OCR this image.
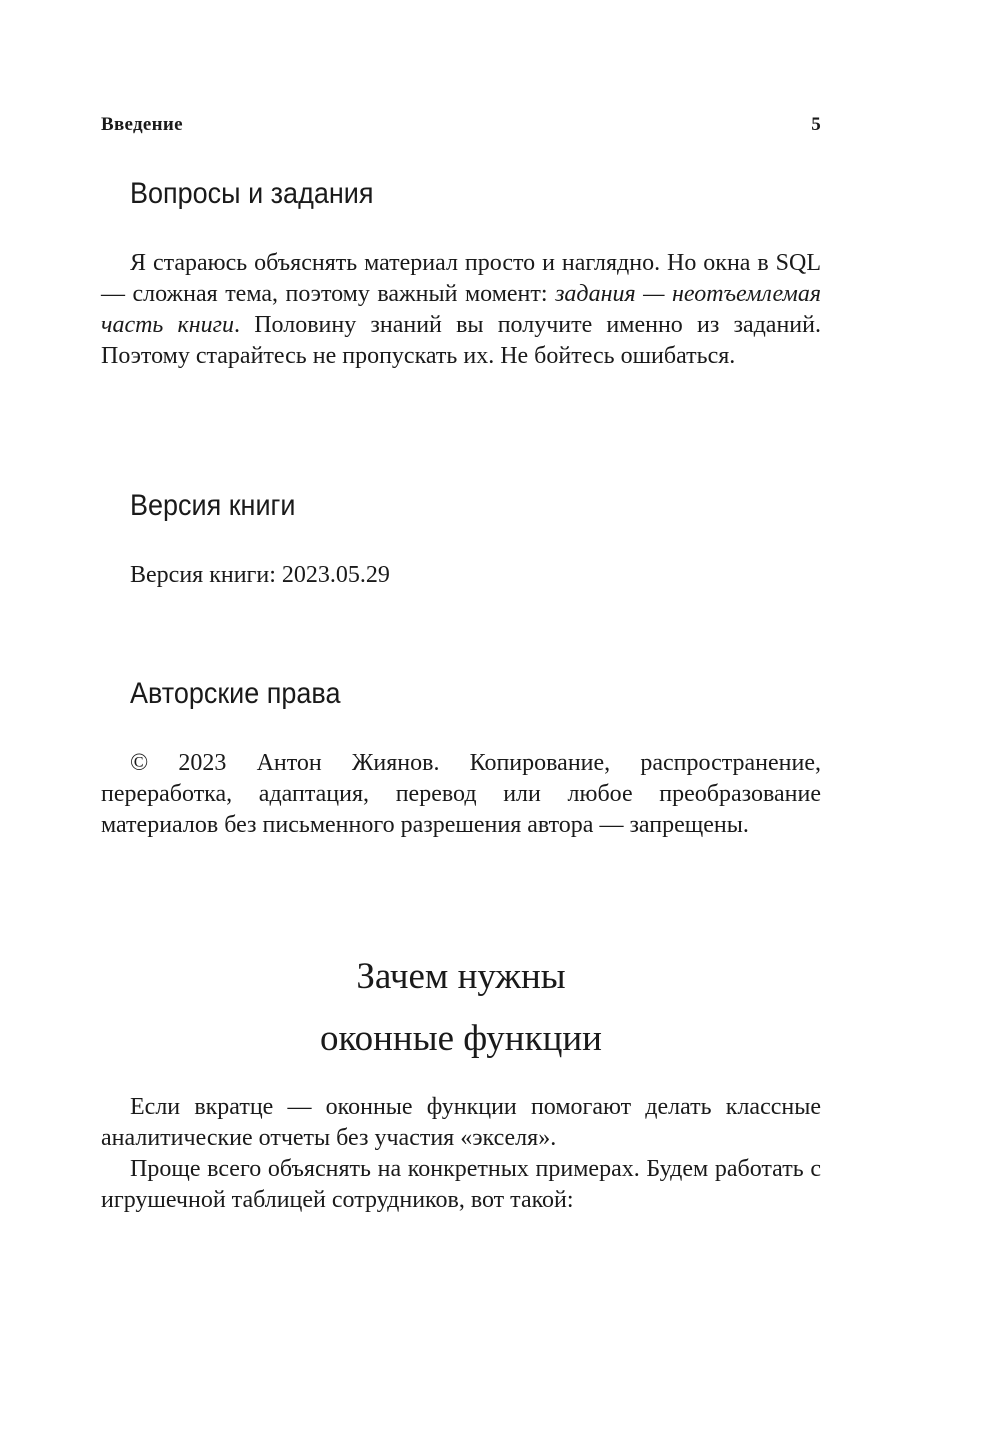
Введение	5
Вопросы и задания

Я стараюсь объяснять материал просто и наглядно. Но окна в SQL — сложная тема, поэтому важный момент: задания — неотъемлемая часть книги. Половину знаний вы получите именно из заданий. Поэтому старайтесь не пропускать их. Не бойтесь ошибаться.

Версия книги

Версия книги: 2023.05.29

Авторские права

© 2023 Антон Жиянов. Копирование, распространение, переработка, адаптация, перевод или любое преобразование материалов без письменного разрешения автора — запрещены.

Зачем нужны
оконные функции

Если вкратце — оконные функции помогают делать классные аналитические отчеты без участия «экселя».

Проще всего объяснять на конкретных примерах. Будем работать с игрушечной таблицей сотрудников, вот такой:
